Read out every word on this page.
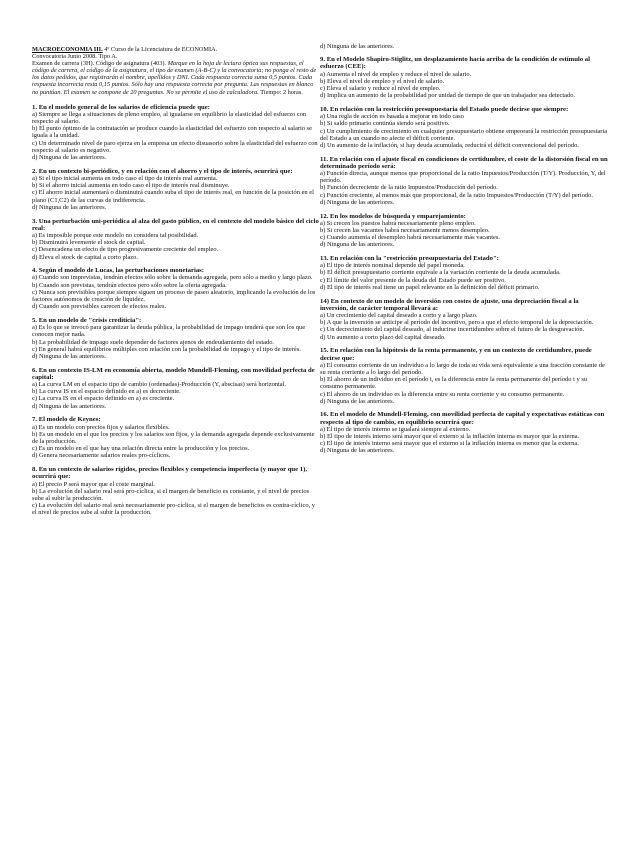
MACROECONOMIA III. 4º Curso de la Licenciatura de ECONOMIA.
Convocatoria Junio 2008. Tipo A.
Examen de carrera (3H). Código de asignatura (403). Marque en la hoja de lectura óptica sus respuestas, el código de carrera, el código de la asignatura, el tipo de examen (A-B-C) y la convocatoria; no ponga el resto de los datos pedidos, que registrarán el nombre, apellidos y DNI. Cada respuesta correcta suma 0,5 puntos. Cada respuesta incorrecta resta 0,15 puntos. Sólo hay una respuesta correcta por pregunta. Las respuestas en blanco no puntúan. El examen se compone de 20 preguntas. No se permite el uso de calculadora. Tiempo: 2 horas.
1. En el modelo general de los salarios de eficiencia puede que:
a) Siempre se llega a situaciones de pleno empleo, al igualarse en equilibrio la elasticidad del esfuerzo con respecto al salario.
b) El punto óptimo de la contratación se produce cuando la elasticidad del esfuerzo con respecto al salario se iguala a la unidad.
c) Un determinado nivel de paro ejerza en la empresa un efecto disuasorio sobre la elasticidad del esfuerzo con respecto al salario es negativo.
d) Ninguna de las anteriores.
2. En un contexto bi-periódico, y en relación con el ahorro y el tipo de interés, ocurrirá que:
a) Si el tipo inicial aumenta en todo caso el tipo de interés real aumenta.
b) Si el ahorro inicial aumenta en todo caso el tipo de interés real disminuye.
c) El ahorro inicial aumentará o disminuirá cuando suba el tipo de interés real, en función de la posición en el plano (C1,C2) de las curvas de indiferencia.
d) Ninguna de las anteriores.
3. Una perturbación uni-periódica al alza del gasto público, en el contexto del modelo básico del ciclo real:
a) Es imposible porque este modelo no considera tal posibilidad.
b) Disminuirá levemente el stock de capital.
c) Desencadena un efecto de tipo progresivamente creciente del empleo.
d) Eleva el stock de capital a corto plazo.
4. Según el modelo de Lucas, las perturbaciones monetarias:
a) Cuando son imprevistas, tendrán efectos sólo sobre la demanda agregada, pero sólo a medio y largo plazo.
b) Cuando son previstas, tendrán efectos pero sólo sobre la oferta agregada.
c) Nunca son previsibles porque siempre siguen un proceso de paseo aleatorio, implicando la evolución de los factores autónomos de creación de liquidez.
d) Cuando son previsibles carecen de efectos reales.
5. En un modelo de "crisis crediticia":
a) Es lo que se invocó para garantizar la deuda pública, la probabilidad de impago tenderá que son los que conocen mejor nada.
b) La probabilidad de impago suele depender de factores ajenos de endeudamiento del estado.
c) En general habrá equilibrios múltiples con relación con la probabilidad de impago y el tipo de interés.
d) Ninguna de las anteriores.
6. En un contexto IS-LM en economía abierta, modelo Mundell-Fleming, con movilidad perfecta de capital:
a) La curva LM en el espacio tipo de cambio (ordenadas)-Producción (Y, abscisas) será horizontal.
b) La curva IS en el espacio definido en a) es decreciente.
c) La curva IS en el espacio definido en a) es creciente.
d) Ninguna de las anteriores.
7. El modelo de Keynes:
a) Es un modelo con precios fijos y salarios flexibles.
b) Es un modelo en el que los precios y los salarios son fijos, y la demanda agregada depende exclusivamente de la producción.
c) Es un modelo en el que hay una relación directa entre la producción y los precios.
d) Genera necesariamente salarios reales pro-cíclicos.
8. En un contexto de salarios rígidos, precios flexibles y competencia imperfecta (y mayor que 1), ocurrirá que:
a) El precio P será mayor que el coste marginal.
b) La evolución del salario real será pro-cíclica, si el margen de beneficio es constante, y el nivel de precios sube al subir la producción.
c) La evolución del salario real será necesariamente pro-cíclica, si el margen de beneficios es contra-cíclico, y el nivel de precios sube al subir la producción.
d) Ninguna de las anteriores.
9. En el Modelo Shapiro-Stiglitz, un desplazamiento hacia arriba de la condición de estímulo al esfuerzo (CEE):
a) Aumenta el nivel de empleo y reduce el nivel de salario.
b) Eleva el nivel de empleo y el nivel de salario.
c) Eleva el salario y reduce el nivel de empleo.
d) Implica un aumento de la probabilidad por unidad de tiempo de que un trabajador sea detectado.
10. En relación con la restricción presupuestaria del Estado puede decirse que siempre:
a) Una regla de acción es basada a mejorar en todo caso
b) Si saldo primario continúa siendo será positivo.
c) Un cumplimiento de crecimiento en cualquier presupuestario obtiene empeorará la restricción presupuestaria del Estado a un cuando no afecte el déficit corriente.
d) Un aumento de la inflación, si hay deuda acumulada, reducirá el déficit convencional del período.
11. En relación con el ajuste fiscal en condiciones de certidumbre, el coste de la distorsión fiscal en un determinado período será:
a) Función directa, aunque menos que proporcional de la ratio Impuestos/Producción (T/Y). Producción, Y, del período.
b) Función decreciente de la ratio Impuestos/Producción del período.
c) Función creciente, al menos más que proporcional, de la ratio Impuestos/Producción (T/Y) del período.
d) Ninguna de las anteriores.
12. En los modelos de búsqueda y emparejamiento:
a) Si crecen los puestos habrá necesariamente pleno empleo.
b) Si crecen las vacantes habrá necesariamente menos desempleo.
c) Cuando aumenta el desempleo habrá necesariamente más vacantes.
d) Ninguna de las anteriores.
13. En relación con la "restricción presupuestaria del Estado":
a) El tipo de interés nominal depende del papel moneda.
b) El déficit presupuestario corriente equivale a la variación corriente de la deuda acumulada.
c) El límite del valor presente de la deuda del Estado puede ser positivo.
d) El tipo de interés real tiene un papel relevante en la definición del déficit primario.
14) En contexto de un modelo de inversión con costes de ajuste, una depreciación fiscal a la inversión, de carácter temporal llevará a:
a) Un crecimiento del capital deseado a corto y a largo plazo.
b) A que la inversión se anticipe al período del incentivo, pero a que el efecto temporal de la depreciación.
c) Un decrecimiento del capital deseado, al inducirse incertidumbre sobre el futuro de la desgravación.
d) Un aumento a corto plazo del capital deseado.
15. En relación con la hipótesis de la renta permanente, y en un contexto de certidumbre, puede decirse que:
a) El consumo corriente de un individuo a lo largo de toda su vida será equivalente a una fracción constante de su renta corriente a lo largo del período.
b) El ahorro de un individuo en el período t, es la diferencia entre la renta permanente del período t y su consumo permanente.
c) El ahorro de un individuo es la diferencia entre su renta corriente y su consumo permanente.
d) Ninguna de las anteriores.
16. En el modelo de Mundell-Fleming, con movilidad perfecta de capital y expectativas estáticas con respecto al tipo de cambio, en equilibrio ocurrirá que:
a) El tipo de interés interno se igualará siempre al externo.
b) El tipo de interés interno será mayor que el externo si la inflación interna es mayor que la externa.
c) El tipo de interés interno será mayor que el externo si la inflación interna es menor que la externa.
d) Ninguna de las anteriores.
